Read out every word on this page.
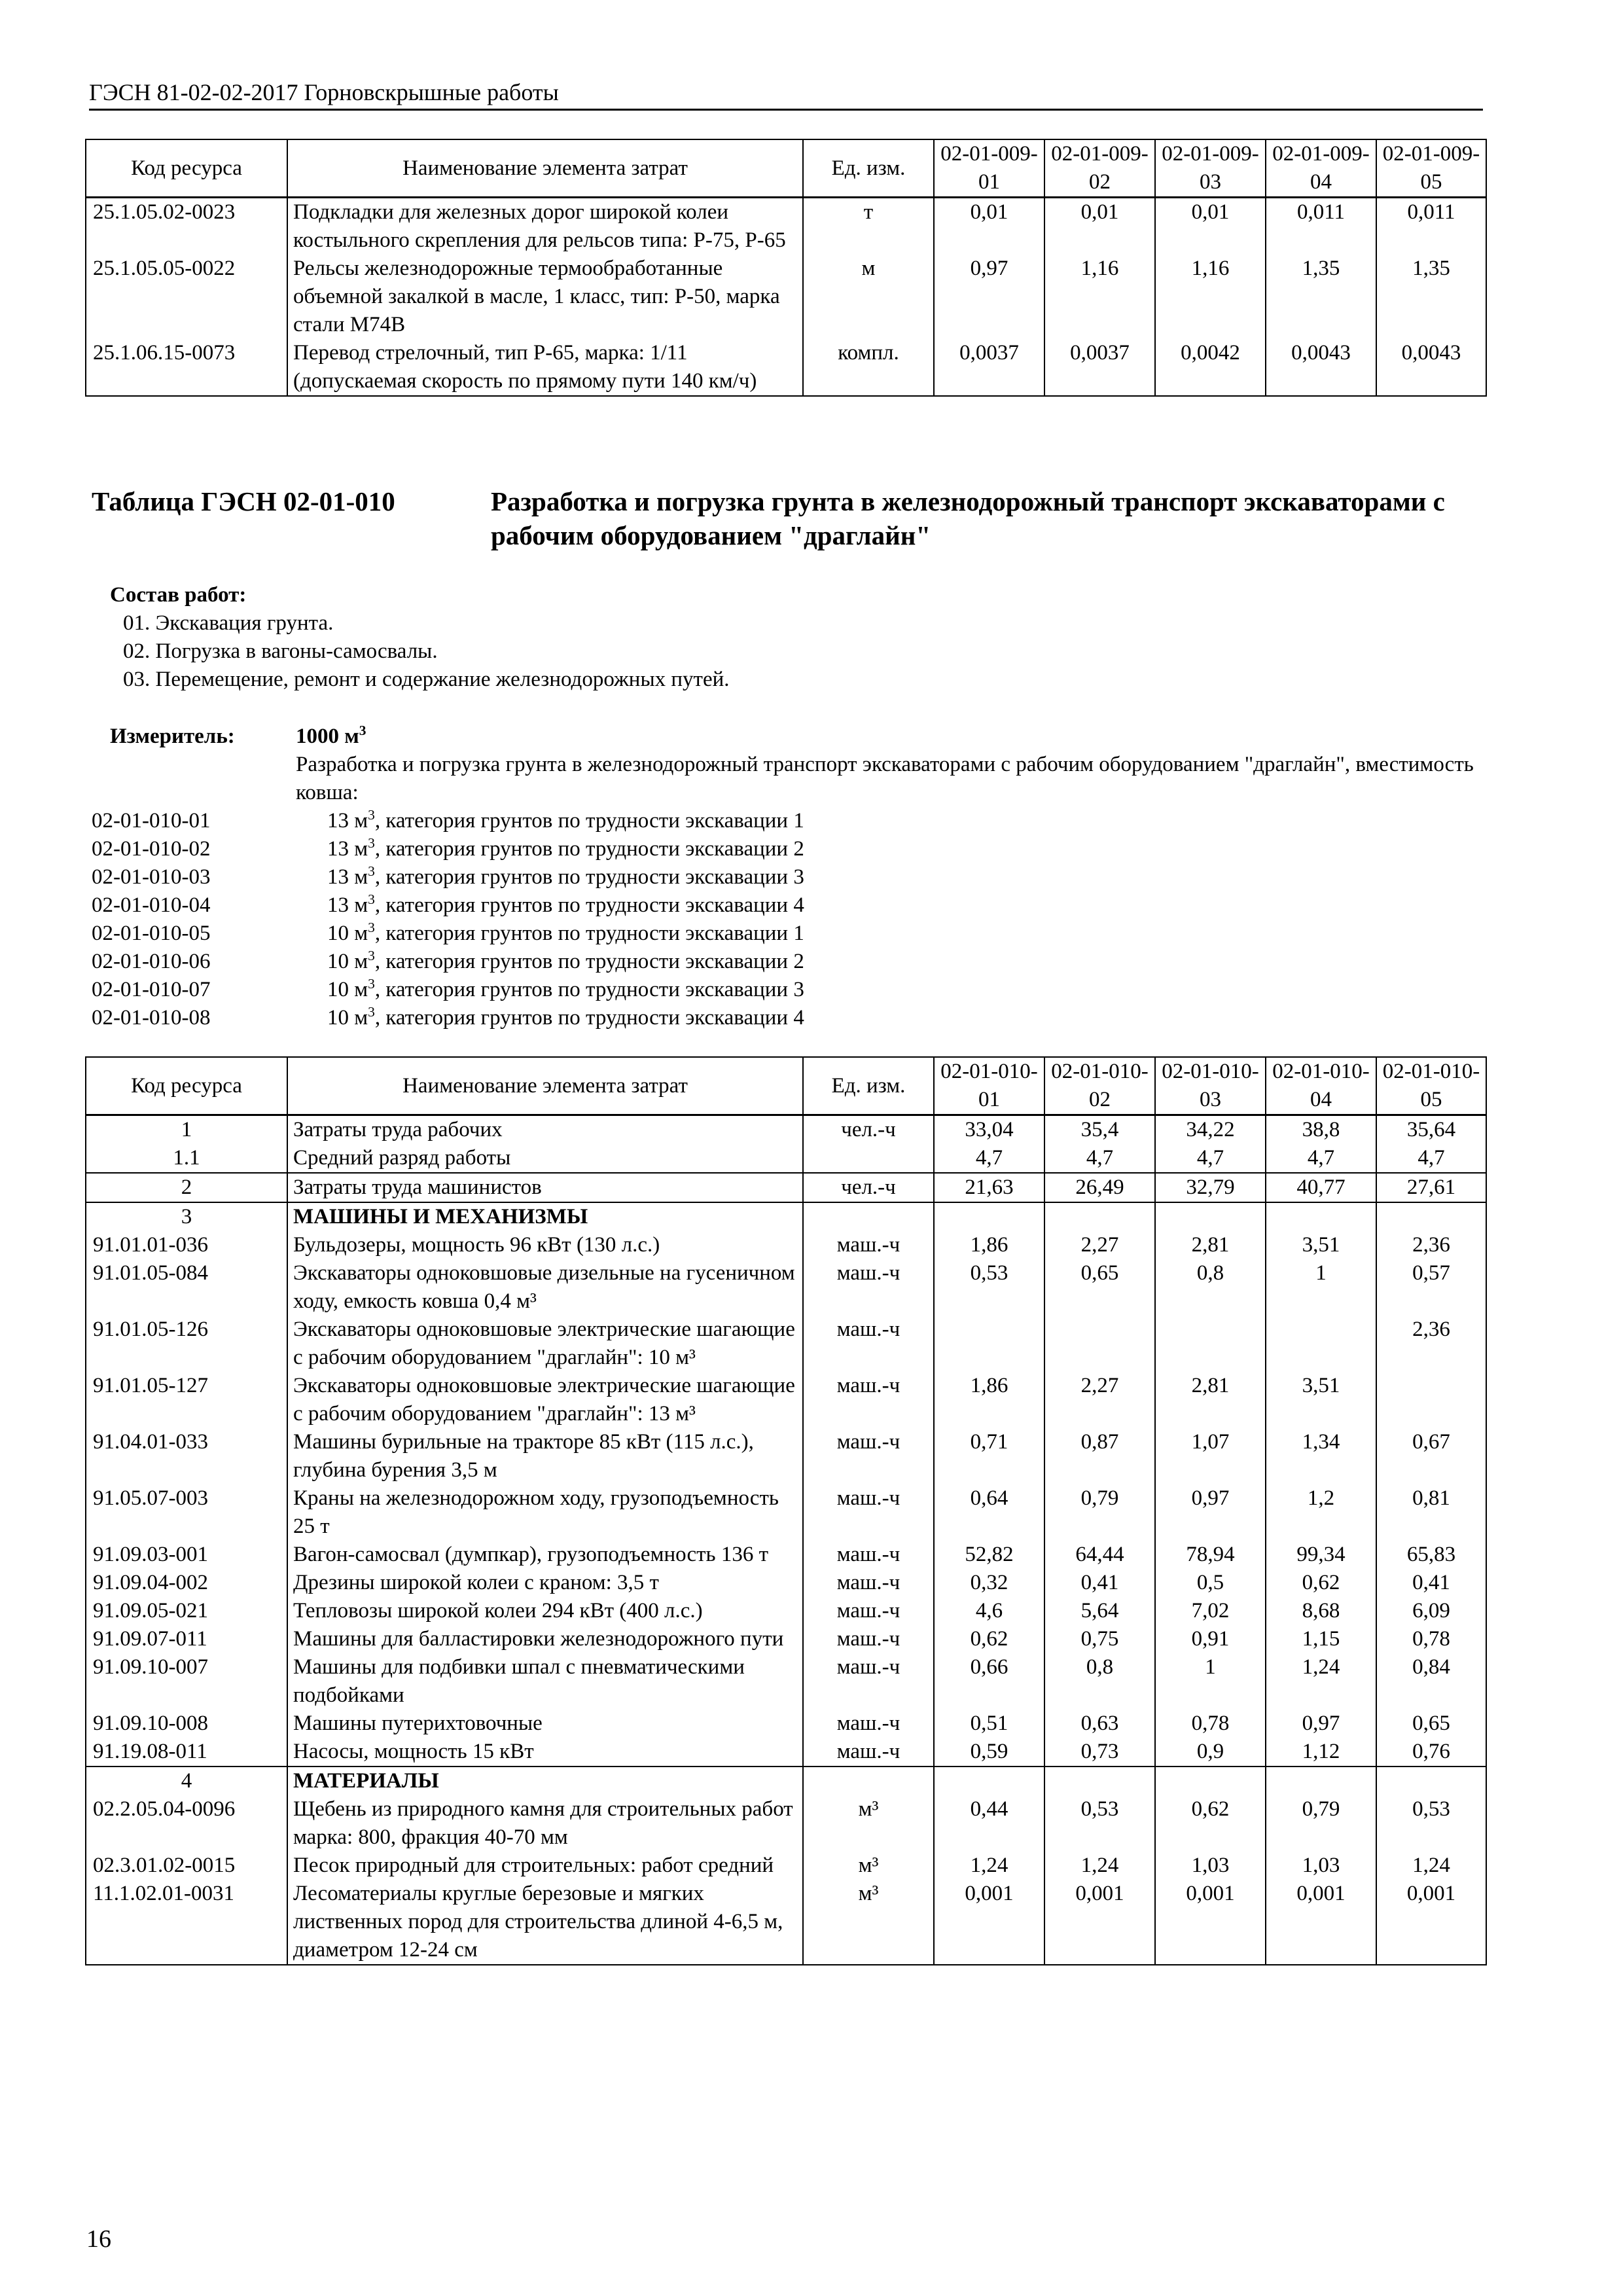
ГЭСН 81-02-02-2017 Горновскрышные работы
Код ресурса	Наименование элемента затрат	Ед. изм.	02-01-009-01	02-01-009-02	02-01-009-03	02-01-009-04	02-01-009-05
25.1.05.02-0023	Подкладки для железных дорог широкой колеи костыльного скрепления для рельсов типа: Р-75, Р-65	т	0,01	0,01	0,01	0,011	0,011
25.1.05.05-0022	Рельсы железнодорожные термообработанные объемной закалкой в масле, 1 класс, тип: Р-50, марка стали М74В	м	0,97	1,16	1,16	1,35	1,35
25.1.06.15-0073	Перевод стрелочный, тип Р-65, марка: 1/11 (допускаемая скорость по прямому пути 140 км/ч)	компл.	0,0037	0,0037	0,0042	0,0043	0,0043
Таблица ГЭСН 02-01-010	Разработка и погрузка грунта в железнодорожный транспорт экскаваторами с рабочим оборудованием "драглайн"
Состав работ:
01. Экскавация грунта.
02. Погрузка в вагоны-самосвалы.
03. Перемещение, ремонт и содержание железнодорожных путей.
Измеритель:	1000 $м^3$
Разработка и погрузка грунта в железнодорожный транспорт экскаваторами с рабочим оборудованием "драглайн", вместимость ковша:
02-01-010-01	13 $м^3$, категория грунтов по трудности экскавации 1
02-01-010-02	13 $м^3$, категория грунтов по трудности экскавации 2
02-01-010-03	13 $м^3$, категория грунтов по трудности экскавации 3
02-01-010-04	13 $м^3$, категория грунтов по трудности экскавации 4
02-01-010-05	10 $м^3$, категория грунтов по трудности экскавации 1
02-01-010-06	10 $м^3$, категория грунтов по трудности экскавации 2
02-01-010-07	10 $м^3$, категория грунтов по трудности экскавации 3
02-01-010-08	10 $м^3$, категория грунтов по трудности экскавации 4
Код ресурса	Наименование элемента затрат	Ед. изм.	02-01-010-01	02-01-010-02	02-01-010-03	02-01-010-04	02-01-010-05
1	Затраты труда рабочих	чел.-ч	33,04	35,4	34,22	38,8	35,64
1.1	Средний разряд работы		4,7	4,7	4,7	4,7	4,7
2	Затраты труда машинистов	чел.-ч	21,63	26,49	32,79	40,77	27,61
3	МАШИНЫ И МЕХАНИЗМЫ						
91.01.01-036	Бульдозеры, мощность 96 кВт (130 л.с.)	маш.-ч	1,86	2,27	2,81	3,51	2,36
91.01.05-084	Экскаваторы одноковшовые дизельные на гусеничном ходу, емкость ковша 0,4 м³	маш.-ч	0,53	0,65	0,8	1	0,57
91.01.05-126	Экскаваторы одноковшовые электрические шагающие с рабочим оборудованием "драглайн": 10 м³	маш.-ч					2,36
91.01.05-127	Экскаваторы одноковшовые электрические шагающие с рабочим оборудованием "драглайн": 13 м³	маш.-ч	1,86	2,27	2,81	3,51	
91.04.01-033	Машины бурильные на тракторе 85 кВт (115 л.с.), глубина бурения 3,5 м	маш.-ч	0,71	0,87	1,07	1,34	0,67
91.05.07-003	Краны на железнодорожном ходу, грузоподъемность 25 т	маш.-ч	0,64	0,79	0,97	1,2	0,81
91.09.03-001	Вагон-самосвал (думпкар), грузоподъемность 136 т	маш.-ч	52,82	64,44	78,94	99,34	65,83
91.09.04-002	Дрезины широкой колеи с краном: 3,5 т	маш.-ч	0,32	0,41	0,5	0,62	0,41
91.09.05-021	Тепловозы широкой колеи 294 кВт (400 л.с.)	маш.-ч	4,6	5,64	7,02	8,68	6,09
91.09.07-011	Машины для балластировки железнодорожного пути	маш.-ч	0,62	0,75	0,91	1,15	0,78
91.09.10-007	Машины для подбивки шпал с пневматическими подбойками	маш.-ч	0,66	0,8	1	1,24	0,84
91.09.10-008	Машины путерихтовочные	маш.-ч	0,51	0,63	0,78	0,97	0,65
91.19.08-011	Насосы, мощность 15 кВт	маш.-ч	0,59	0,73	0,9	1,12	0,76
4	МАТЕРИАЛЫ						
02.2.05.04-0096	Щебень из природного камня для строительных работ марка: 800, фракция 40-70 мм	м³	0,44	0,53	0,62	0,79	0,53
02.3.01.02-0015	Песок природный для строительных: работ средний	м³	1,24	1,24	1,03	1,03	1,24
11.1.02.01-0031	Лесоматериалы круглые березовые и мягких лиственных пород для строительства длиной 4-6,5 м, диаметром 12-24 см	м³	0,001	0,001	0,001	0,001	0,001
16
